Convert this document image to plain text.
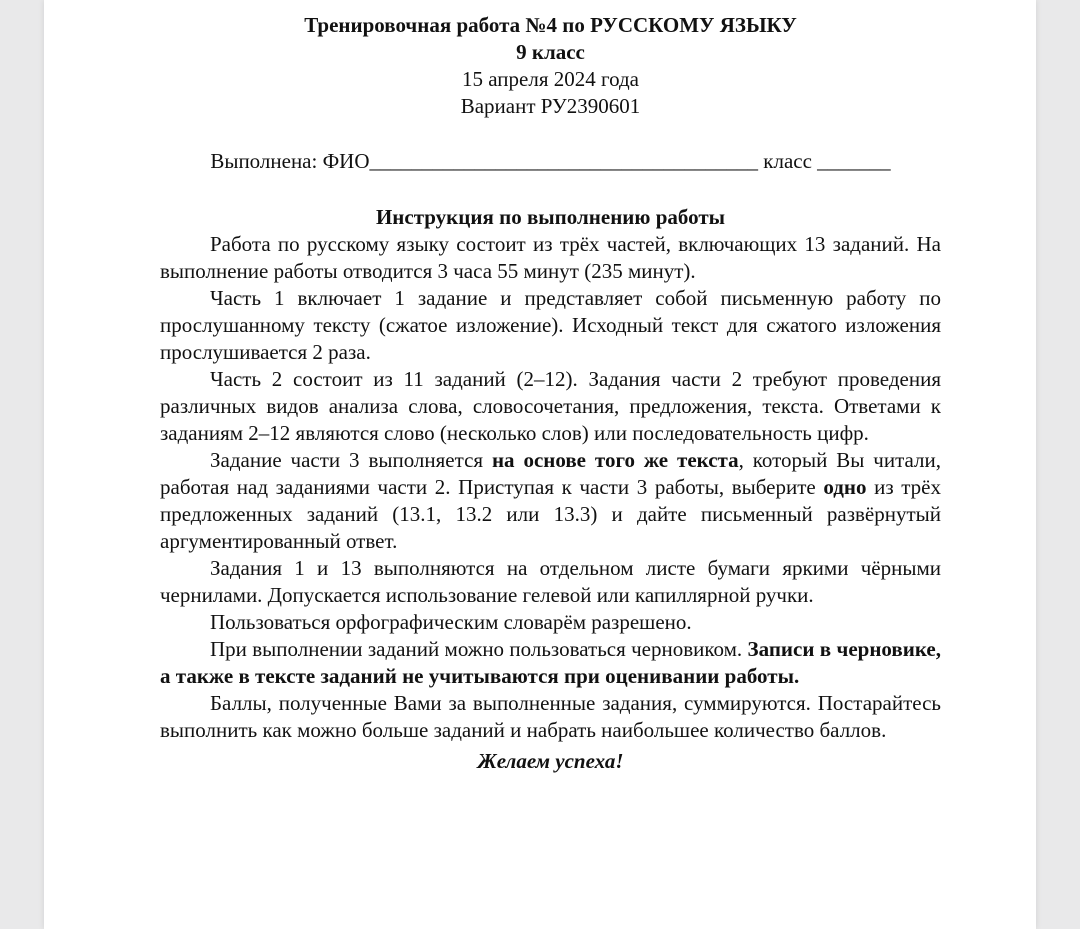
Тренировочная работа №4 по РУССКОМУ ЯЗЫКУ
9 класс
15 апреля 2024 года
Вариант РУ2390601
Выполнена: ФИО_____________________________________ класс _______
Инструкция по выполнению работы

Работа по русскому языку состоит из трёх частей, включающих 13 заданий. На выполнение работы отводится 3 часа 55 минут (235 минут).

Часть 1 включает 1 задание и представляет собой письменную работу по прослушанному тексту (сжатое изложение). Исходный текст для сжатого изложения прослушивается 2 раза.

Часть 2 состоит из 11 заданий (2–12). Задания части 2 требуют проведения различных видов анализа слова, словосочетания, предложения, текста. Ответами к заданиям 2–12 являются слово (несколько слов) или последовательность цифр.

Задание части 3 выполняется на основе того же текста, который Вы читали, работая над заданиями части 2. Приступая к части 3 работы, выберите одно из трёх предложенных заданий (13.1, 13.2 или 13.3) и дайте письменный развёрнутый аргументированный ответ.

Задания 1 и 13 выполняются на отдельном листе бумаги яркими чёрными чернилами. Допускается использование гелевой или капиллярной ручки.

Пользоваться орфографическим словарём разрешено.

При выполнении заданий можно пользоваться черновиком. Записи в черновике, а также в тексте заданий не учитываются при оценивании работы.

Баллы, полученные Вами за выполненные задания, суммируются. Постарайтесь выполнить как можно больше заданий и набрать наибольшее количество баллов.

Желаем успеха!
